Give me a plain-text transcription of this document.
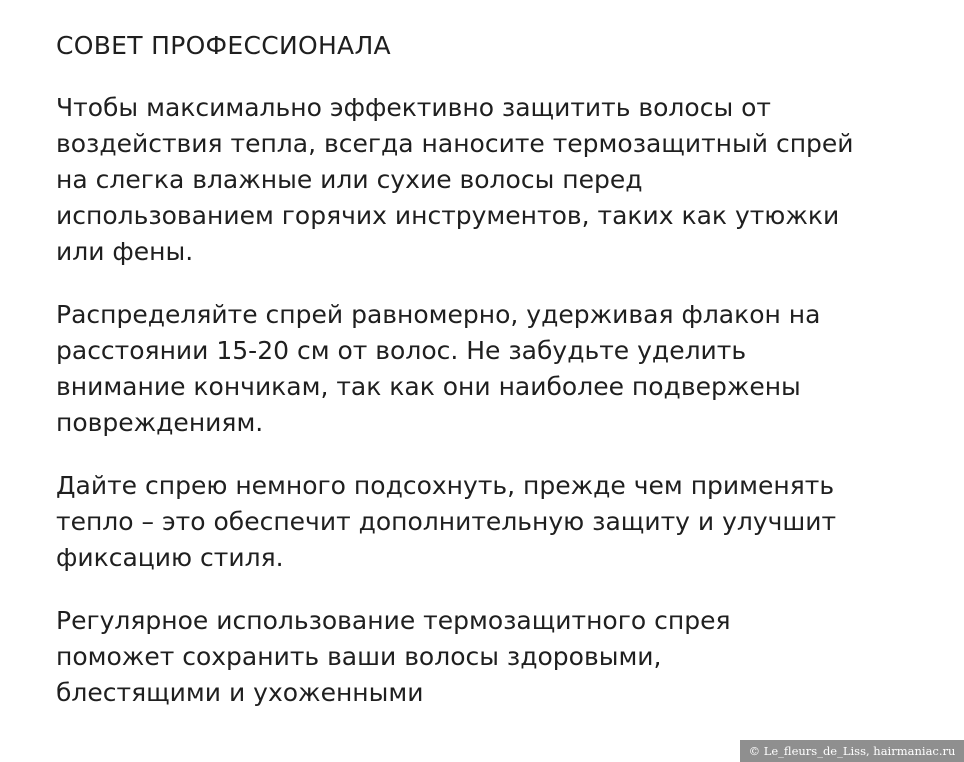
СОВЕТ ПРОФЕССИОНАЛА

Чтобы максимально эффективно защитить волосы от
воздействия тепла, всегда наносите термозащитный спрей
на слегка влажные или сухие волосы перед
использованием горячих инструментов, таких как утюжки
или фены.

Распределяйте спрей равномерно, удерживая флакон на
расстоянии 15-20 см от волос. Не забудьте уделить
внимание кончикам, так как они наиболее подвержены
повреждениям.

Дайте спрею немного подсохнуть, прежде чем применять
тепло – это обеспечит дополнительную защиту и улучшит
фиксацию стиля.

Регулярное использование термозащитного спрея
поможет сохранить ваши волосы здоровыми,
блестящими и ухоженными

© Le_fleurs_de_Liss, hairmaniac.ru
